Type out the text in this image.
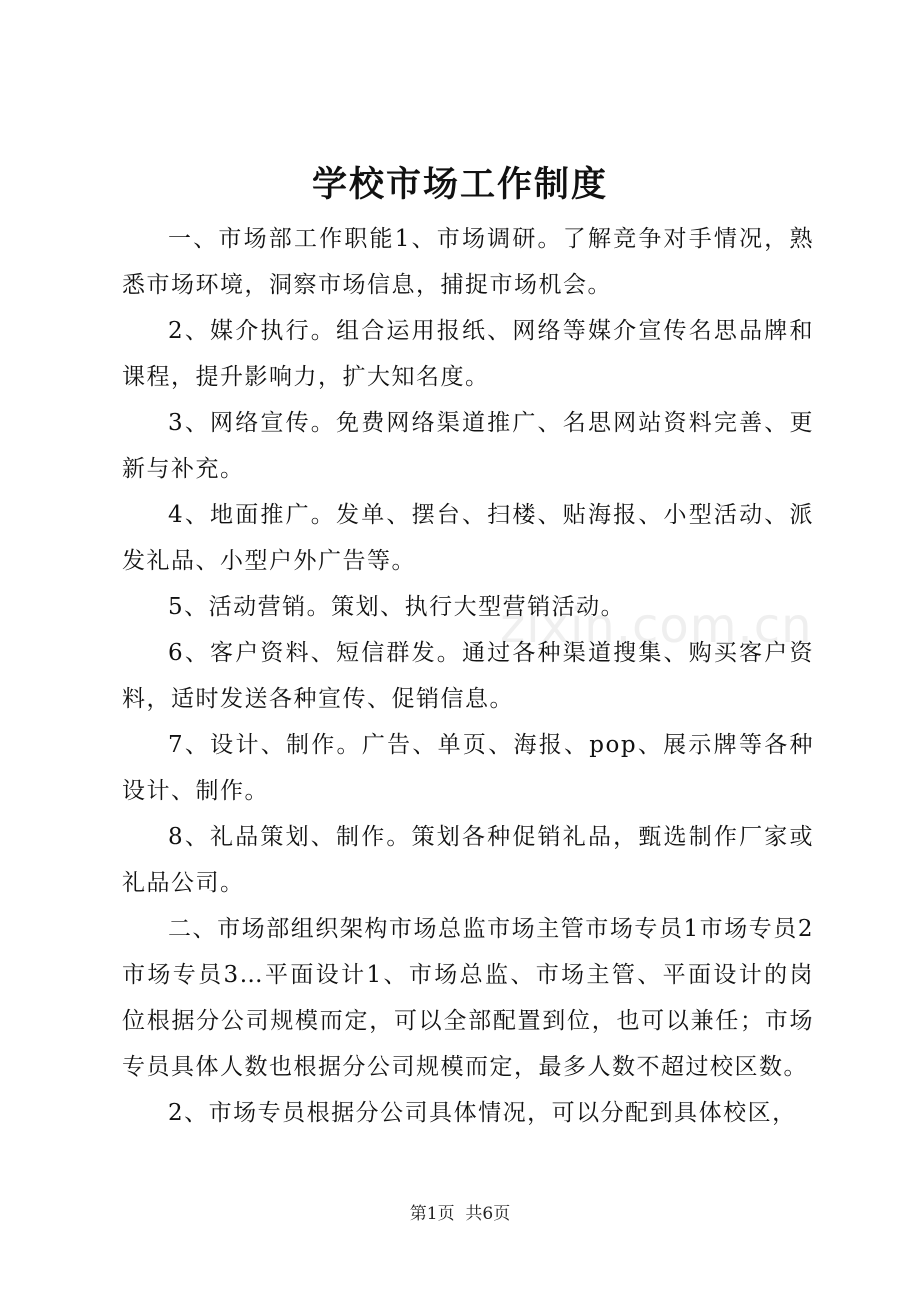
学校市场工作制度
zixin.com.cn

一、市场部工作职能1、市场调研。了解竞争对手情况，熟悉市场环境，洞察市场信息，捕捉市场机会。

2、媒介执行。组合运用报纸、网络等媒介宣传名思品牌和课程，提升影响力，扩大知名度。

3、网络宣传。免费网络渠道推广、名思网站资料完善、更新与补充。

4、地面推广。发单、摆台、扫楼、贴海报、小型活动、派发礼品、小型户外广告等。

5、活动营销。策划、执行大型营销活动。

6、客户资料、短信群发。通过各种渠道搜集、购买客户资料，适时发送各种宣传、促销信息。

7、设计、制作。广告、单页、海报、pop、展示牌等各种设计、制作。

8、礼品策划、制作。策划各种促销礼品，甄选制作厂家或礼品公司。

二、市场部组织架构市场总监市场主管市场专员1市场专员2市场专员3…平面设计1、市场总监、市场主管、平面设计的岗位根据分公司规模而定，可以全部配置到位，也可以兼任；市场专员具体人数也根据分公司规模而定，最多人数不超过校区数。

2、市场专员根据分公司具体情况，可以分配到具体校区，

第1页 共6页
